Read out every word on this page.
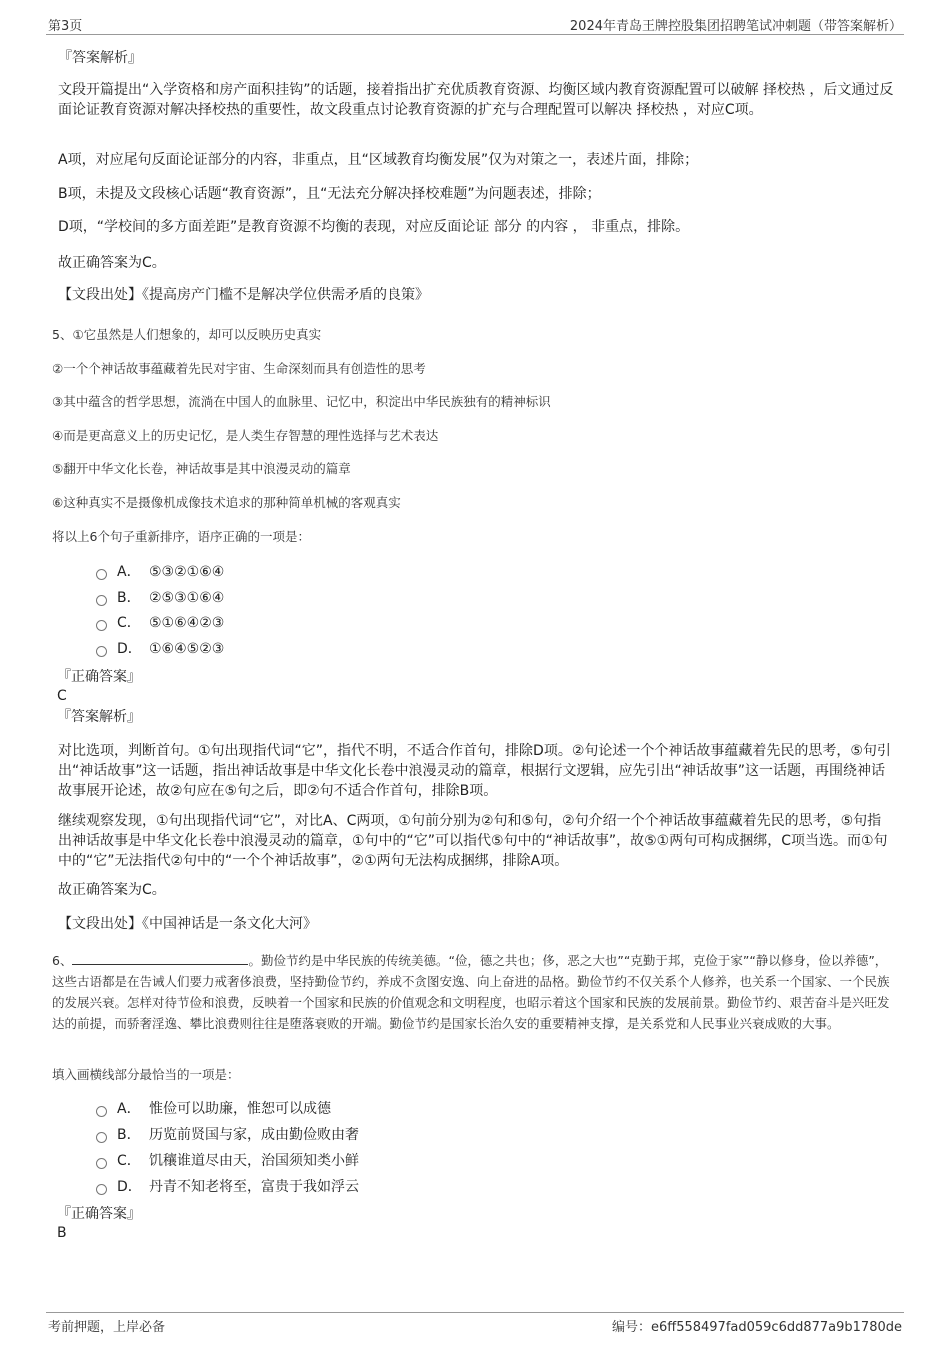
第3页	2024年青岛王牌控股集团招聘笔试冲刺题（带答案解析）
『答案解析』
文段开篇提出“入学资格和房产面积挂钩”的话题，接着指出扩充优质教育资源、均衡区域内教育资源配置可以破解 择校热 ，后文通过反面论证教育资源对解决择校热的重要性，故文段重点讨论教育资源的扩充与合理配置可以解决 择校热 ，对应C项。
A项，对应尾句反面论证部分的内容，非重点，且“区域教育均衡发展”仅为对策之一，表述片面，排除；
B项，未提及文段核心话题“教育资源”，且“无法充分解决择校难题”为问题表述，排除；
D项，“学校间的多方面差距”是教育资源不均衡的表现，对应反面论证 部分 的内容 ， 非重点，排除。
故正确答案为C。
【文段出处】《提高房产门槛不是解决学位供需矛盾的良策》
5、①它虽然是人们想象的，却可以反映历史真实
②一个个神话故事蕴藏着先民对宇宙、生命深刻而具有创造性的思考
③其中蕴含的哲学思想，流淌在中国人的血脉里、记忆中，积淀出中华民族独有的精神标识
④而是更高意义上的历史记忆，是人类生存智慧的理性选择与艺术表达
⑤翻开中华文化长卷，神话故事是其中浪漫灵动的篇章
⑥这种真实不是摄像机成像技术追求的那种简单机械的客观真实
将以上6个句子重新排序，语序正确的一项是：
A． ⑤③②①⑥④
B． ②⑤③①⑥④
C． ⑤①⑥④②③
D． ①⑥④⑤②③
『正确答案』
C
『答案解析』
对比选项，判断首句。①句出现指代词“它”，指代不明，不适合作首句，排除D项。②句论述一个个神话故事蕴藏着先民的思考，⑤句引出“神话故事”这一话题，指出神话故事是中华文化长卷中浪漫灵动的篇章，根据行文逻辑，应先引出“神话故事”这一话题，再围绕神话故事展开论述，故②句应在⑤句之后，即②句不适合作首句，排除B项。
继续观察发现，①句出现指代词“它”，对比A、C两项，①句前分别为②句和⑤句，②句介绍一个个神话故事蕴藏着先民的思考，⑤句指出神话故事是中华文化长卷中浪漫灵动的篇章，①句中的“它”可以指代⑤句中的“神话故事”，故⑤①两句可构成捆绑，C项当选。而①句中的“它”无法指代②句中的“一个个神话故事”，②①两句无法构成捆绑，排除A项。
故正确答案为C。
【文段出处】《中国神话是一条文化大河》
6、	。勤俭节约是中华民族的传统美德。“俭，德之共也；侈，恶之大也”“克勤于邦，克俭于家”“静以修身，俭以养德”，这些古语都是在告诫人们要力戒奢侈浪费，坚持勤俭节约，养成不贪图安逸、向上奋进的品格。勤俭节约不仅关系个人修养，也关系一个国家、一个民族的发展兴衰。怎样对待节俭和浪费，反映着一个国家和民族的价值观念和文明程度，也昭示着这个国家和民族的发展前景。勤俭节约、艰苦奋斗是兴旺发达的前提，而骄奢淫逸、攀比浪费则往往是堕落衰败的开端。勤俭节约是国家长治久安的重要精神支撑，是关系党和人民事业兴衰成败的大事。
填入画横线部分最恰当的一项是：
A． 惟俭可以助廉，惟恕可以成德
B． 历览前贤国与家，成由勤俭败由奢
C． 饥穰谁道尽由天，治国须知类小鲜
D． 丹青不知老将至，富贵于我如浮云
『正确答案』
B
考前押题，上岸必备	编号：e6ff558497fad059c6dd877a9b1780de
